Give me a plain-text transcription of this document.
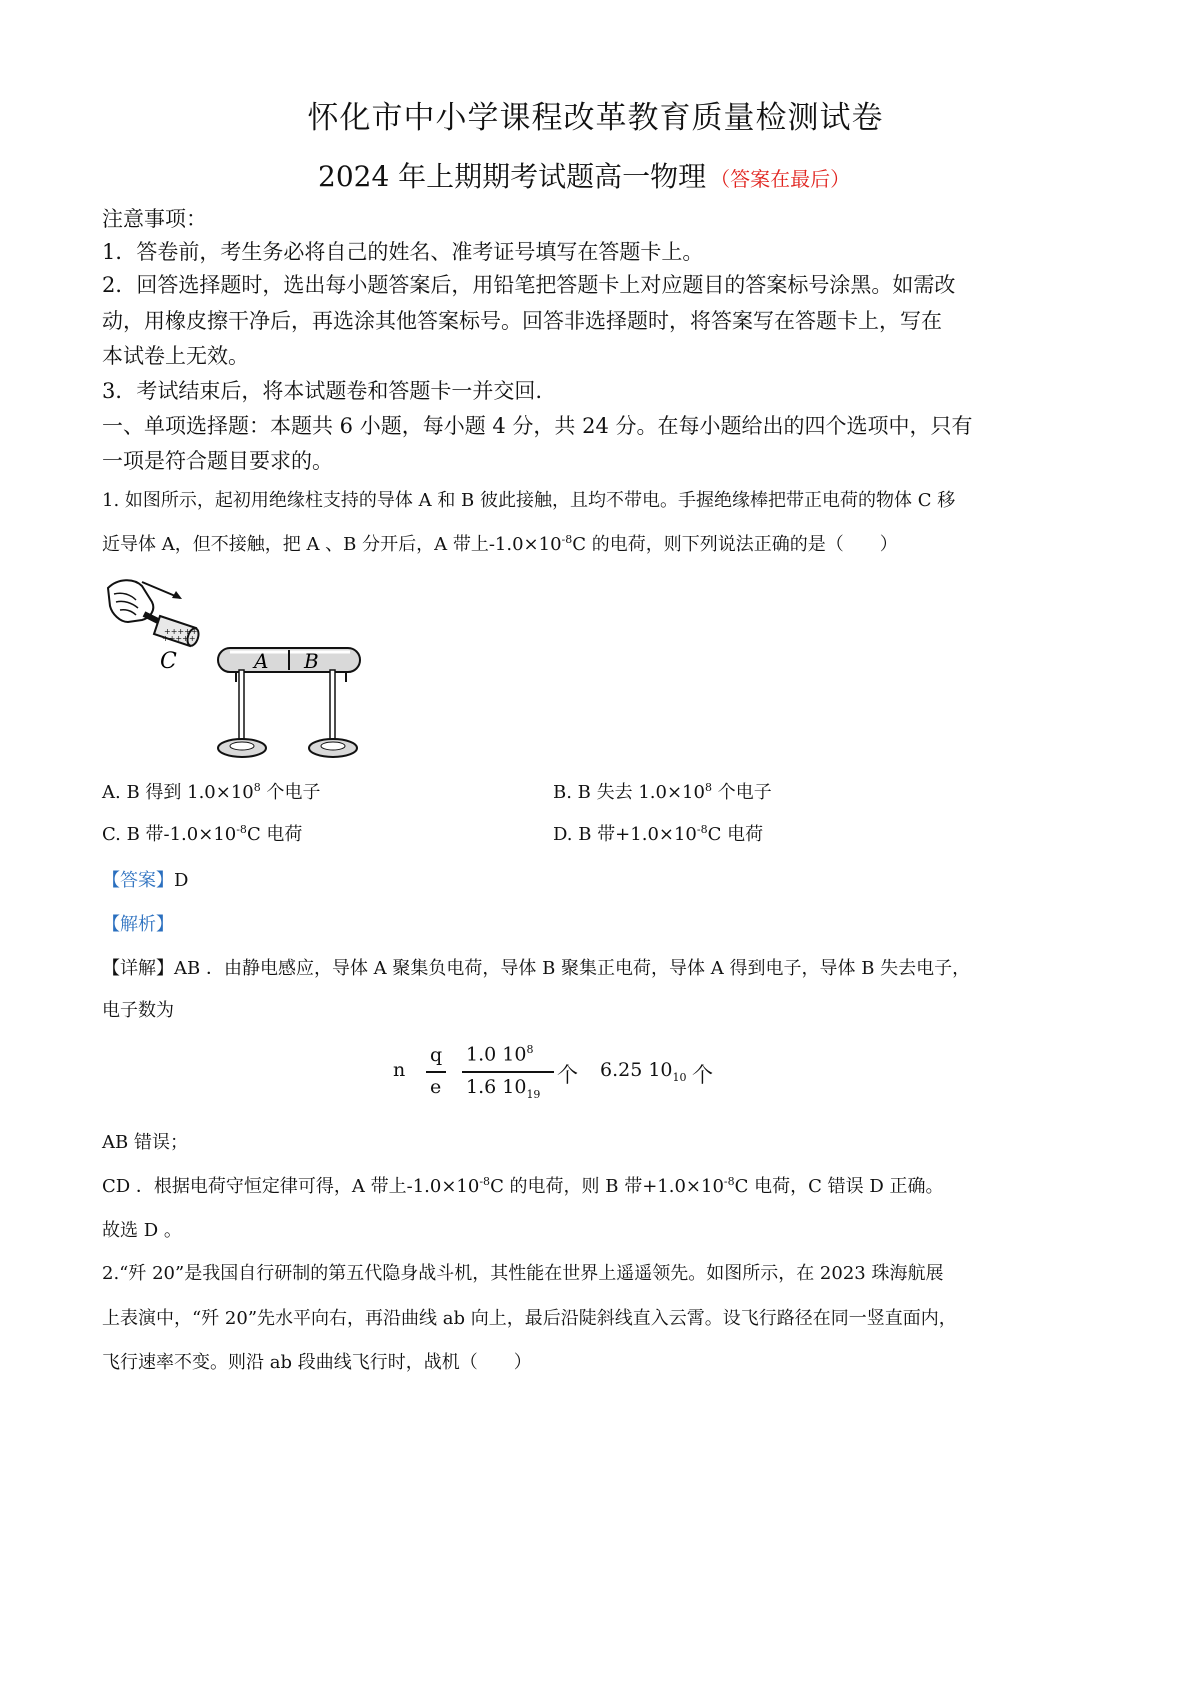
怀化市中小学课程改革教育质量检测试卷
2024 年上期期考试题高一物理 （答案在最后）
注意事项：
1．答卷前，考生务必将自己的姓名、准考证号填写在答题卡上。
2．回答选择题时，选出每小题答案后，用铅笔把答题卡上对应题目的答案标号涂黑。如需改
动，用橡皮擦干净后，再选涂其他答案标号。回答非选择题时，将答案写在答题卡上，写在
本试卷上无效。
3．考试结束后，将本试题卷和答题卡一并交回.
一、单项选择题：本题共 6 小题，每小题 4 分，共 24 分。在每小题给出的四个选项中，只有
一项是符合题目要求的。
1. 如图所示，起初用绝缘柱支持的导体 A 和 B 彼此接触，且均不带电。手握绝缘棒把带正电荷的物体 C 移
近导体 A，但不接触，把 A 、B 分开后，A 带上$-1.0\times 10^{-8}C$ 的电荷，则下列说法正确的是（　　）
+++++
+++++
C	A B
A. B 得到 $1.0\times 10^8$ 个电子	B. B 失去 $1.0\times 10^8$ 个电子
C. B 带$-1.0\times 10^{-8}C$ 电荷	D. B 带$+1.0\times 10^{-8}C$ 电荷
【答案】D
【解析】
【详解】AB ．由静电感应，导体 A 聚集负电荷，导体 B 聚集正电荷，导体 A 得到电子，导体 B 失去电子，
电子数为
n
q
e
1.0 $10^8$
1.6 $10_{19}$
个 6.25 $10_{10}$ 个
AB 错误；
CD ．根据电荷守恒定律可得，A 带上$-1.0\times 10^{-8}C$ 的电荷，则 B 带$+1.0\times 10^{-8}C$ 电荷，C 错误 D 正确。
故选 D 。
2.“歼 20”是我国自行研制的第五代隐身战斗机，其性能在世界上遥遥领先。如图所示，在 2023 珠海航展
上表演中，“歼 20”先水平向右，再沿曲线 ab 向上，最后沿陡斜线直入云霄。设飞行路径在同一竖直面内，
飞行速率不变。则沿 ab 段曲线飞行时，战机（　　）
